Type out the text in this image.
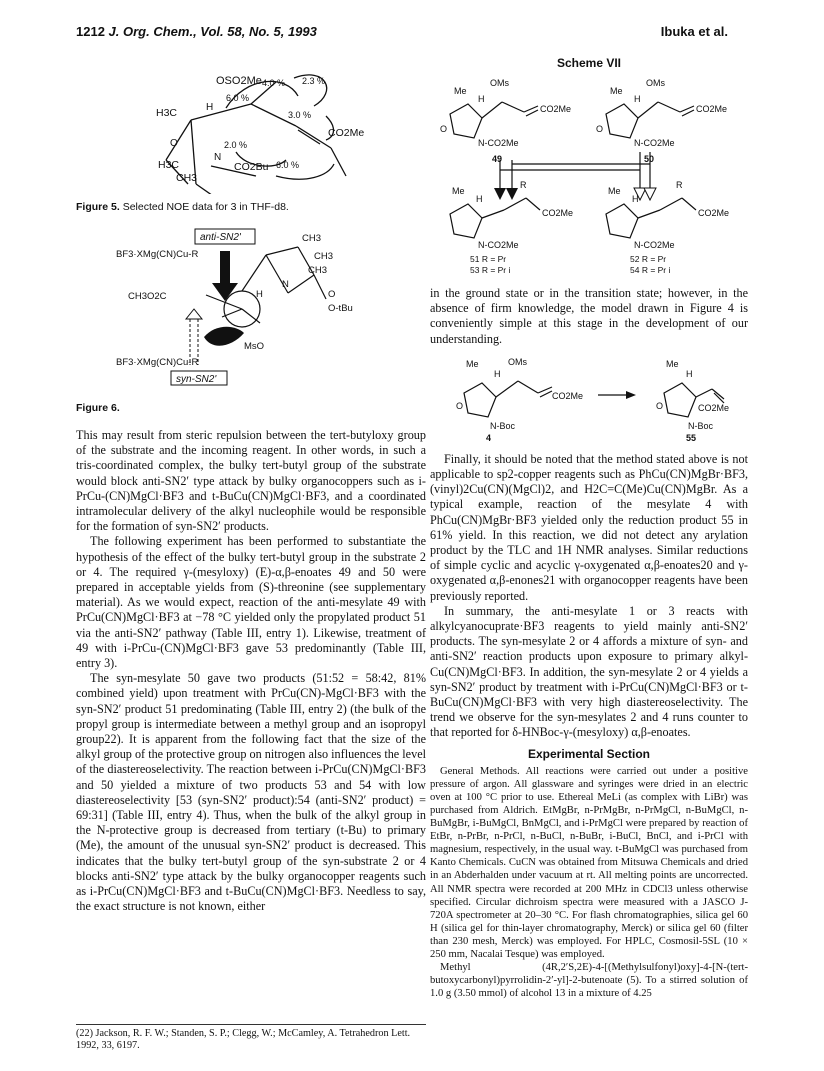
1212 J. Org. Chem., Vol. 58, No. 5, 1993	Ibuka et al.
OSO2Me
H3C
H3C
CH3
CO2Me
CO2Bu
H
O
N
4.0 %
6.0 %
2.3 %
3.0 %
2.0 %
6.0 %

Figure 5. Selected NOE data for 3 in THF-d8.

anti-SN2'
BF3·XMg(CN)Cu-R
CH3O2C
MsO
CH3
CH3
CH3
O-tBu
O
N
H
BF3·XMg(CN)Cu-R
syn-SN2'

Figure 6.

This may result from steric repulsion between the tert-butyloxy group of the substrate and the incoming reagent. In other words, in such a tris-coordinated complex, the bulky tert-butyl group of the substrate would block anti-SN2′ type attack by bulky organocoppers such as i-PrCu-(CN)MgCl·BF3 and t-BuCu(CN)MgCl·BF3, and a coordinated intramolecular delivery of the alkyl nucleophile would be responsible for the formation of syn-SN2′ products.

The following experiment has been performed to substantiate the hypothesis of the effect of the bulky tert-butyl group in the substrate 2 or 4. The required γ-(mesyloxy) (E)-α,β-enoates 49 and 50 were prepared in acceptable yields from (S)-threonine (see supplementary material). As we would expect, reaction of the anti-mesylate 49 with PrCu(CN)MgCl·BF3 at −78 °C yielded only the propylated product 51 via the anti-SN2′ pathway (Table III, entry 1). Likewise, treatment of 49 with i-PrCu-(CN)MgCl·BF3 gave 53 predominantly (Table III, entry 3).

The syn-mesylate 50 gave two products (51:52 = 58:42, 81% combined yield) upon treatment with PrCu(CN)-MgCl·BF3 with the syn-SN2′ product 51 predominating (Table III, entry 2) (the bulk of the propyl group is intermediate between a methyl group and an isopropyl group22). It is apparent from the following fact that the size of the alkyl group of the protective group on nitrogen also influences the level of the diastereoselectivity. The reaction between i-PrCu(CN)MgCl·BF3 and 50 yielded a mixture of two products 53 and 54 with low diastereoselectivity [53 (syn-SN2′ product):54 (anti-SN2′ product) = 69:31] (Table III, entry 4). Thus, when the bulk of the alkyl group in the N-protective group is decreased from tertiary (t-Bu) to primary (Me), the amount of the unusual syn-SN2′ product is decreased. This indicates that the bulky tert-butyl group of the syn-substrate 2 or 4 blocks anti-SN2′ type attack by the bulky organocopper reagents such as i-PrCu(CN)MgCl·BF3 and t-BuCu(CN)MgCl·BF3. Needless to say, the exact structure is not known, either

Scheme VII
Me
H
OMs
CO2Me
O
N-CO2Me
49
Me
H
OMs
CO2Me
O
N-CO2Me
50
Me
H
R
CO2Me
N-CO2Me
51 R = Pr
53 R = Pr i
Me
H
R
CO2Me
N-CO2Me
52 R = Pr
54 R = Pr i

in the ground state or in the transition state; however, in the absence of firm knowledge, the model drawn in Figure 4 is conveniently simple at this stage in the development of our understanding.

Me
H
OMs
CO2Me
O
N-Boc
4
Me
H
CO2Me
O
N-Boc
55

Finally, it should be noted that the method stated above is not applicable to sp2-copper reagents such as PhCu(CN)MgBr·BF3, (vinyl)2Cu(CN)(MgCl)2, and H2C=C(Me)Cu(CN)MgBr. As a typical example, reaction of the mesylate 4 with PhCu(CN)MgBr·BF3 yielded only the reduction product 55 in 61% yield. In this reaction, we did not detect any arylation product by the TLC and 1H NMR analyses. Similar reductions of simple cyclic and acyclic γ-oxygenated α,β-enoates20 and γ-oxygenated α,β-enones21 with organocopper reagents have been previously reported.

In summary, the anti-mesylate 1 or 3 reacts with alkylcyanocuprate·BF3 reagents to yield mainly anti-SN2′ products. The syn-mesylate 2 or 4 affords a mixture of syn- and anti-SN2′ reaction products upon exposure to primary alkyl-Cu(CN)MgCl·BF3. In addition, the syn-mesylate 2 or 4 yields a syn-SN2′ product by treatment with i-PrCu(CN)MgCl·BF3 or t-BuCu(CN)MgCl·BF3 with very high diastereoselectivity. The trend we observe for the syn-mesylates 2 and 4 runs counter to that reported for δ-HNBoc-γ-(mesyloxy) α,β-enoates.

Experimental Section

General Methods. All reactions were carried out under a positive pressure of argon. All glassware and syringes were dried in an electric oven at 100 °C prior to use. Ethereal MeLi (as complex with LiBr) was purchased from Aldrich. EtMgBr, n-PrMgBr, n-PrMgCl, n-BuMgCl, n-BuMgBr, i-BuMgCl, BnMgCl, and i-PrMgCl were prepared by reaction of EtBr, n-PrBr, n-PrCl, n-BuCl, n-BuBr, i-BuCl, BnCl, and i-PrCl with magnesium, respectively, in the usual way. t-BuMgCl was purchased from Kanto Chemicals. CuCN was obtained from Mitsuwa Chemicals and dried in an Abderhalden under vacuum at rt. All melting points are uncorrected. All NMR spectra were recorded at 200 MHz in CDCl3 unless otherwise specified. Circular dichroism spectra were measured with a JASCO J-720A spectrometer at 20–30 °C. For flash chromatographies, silica gel 60 H (silica gel for thin-layer chromatography, Merck) or silica gel 60 (filter than 230 mesh, Merck) was employed. For HPLC, Cosmosil-5SL (10 × 250 mm, Nacalai Tesque) was employed.

Methyl (4R,2′S,2E)-4-[(Methylsulfonyl)oxy]-4-[N-(tert-butoxycarbonyl)pyrrolidin-2′-yl]-2-butenoate (5). To a stirred solution of 1.0 g (3.50 mmol) of alcohol 13 in a mixture of 4.25

(22) Jackson, R. F. W.; Standen, S. P.; Clegg, W.; McCamley, A. Tetrahedron Lett. 1992, 33, 6197.
